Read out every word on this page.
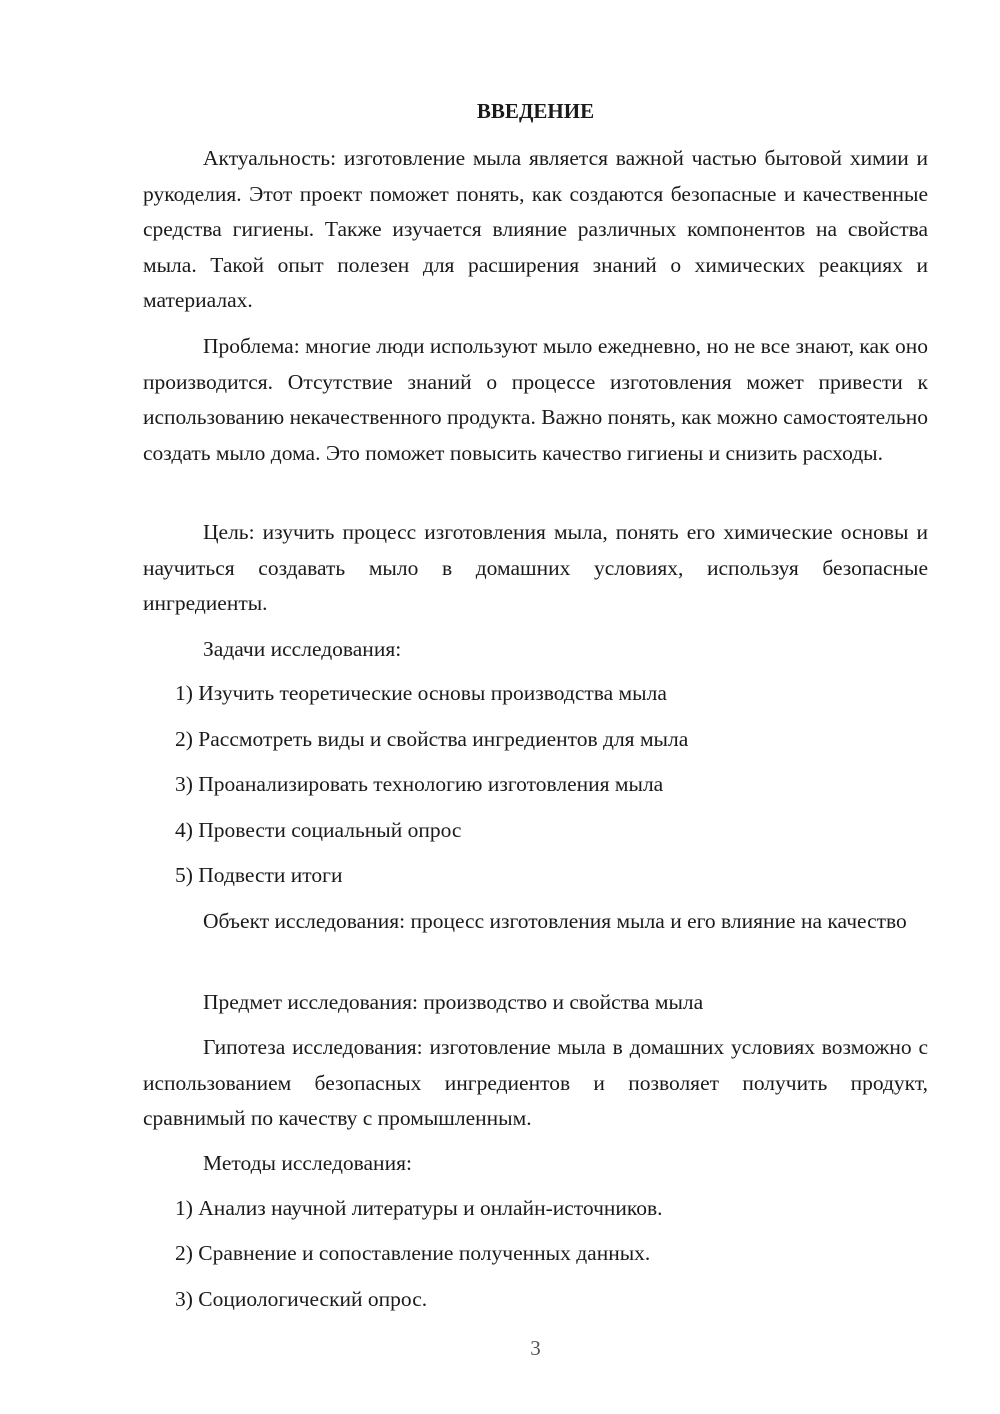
ВВЕДЕНИЕ

Актуальность: изготовление мыла является важной частью бытовой химии и рукоделия. Этот проект поможет понять, как создаются безопасные и качественные средства гигиены. Также изучается влияние различных компонентов на свойства мыла. Такой опыт полезен для расширения знаний о химических реакциях и материалах.

Проблема: многие люди используют мыло ежедневно, но не все знают, как оно производится. Отсутствие знаний о процессе изготовления может привести к использованию некачественного продукта. Важно понять, как можно самостоятельно создать мыло дома. Это поможет повысить качество гигиены и снизить расходы.

Цель: изучить процесс изготовления мыла, понять его химические основы и научиться создавать мыло в домашних условиях, используя безопасные ингредиенты.

Задачи исследования:

1) Изучить теоретические основы производства мыла

2) Рассмотреть виды и свойства ингредиентов для мыла

3) Проанализировать технологию изготовления мыла

4) Провести социальный опрос

5) Подвести итоги

Объект исследования: процесс изготовления мыла и его влияние на качество

Предмет исследования: производство и свойства мыла

Гипотеза исследования: изготовление мыла в домашних условиях возможно с использованием безопасных ингредиентов и позволяет получить продукт, сравнимый по качеству с промышленным.

Методы исследования:

1) Анализ научной литературы и онлайн-источников.

2) Сравнение и сопоставление полученных данных.

3) Социологический опрос.

3
